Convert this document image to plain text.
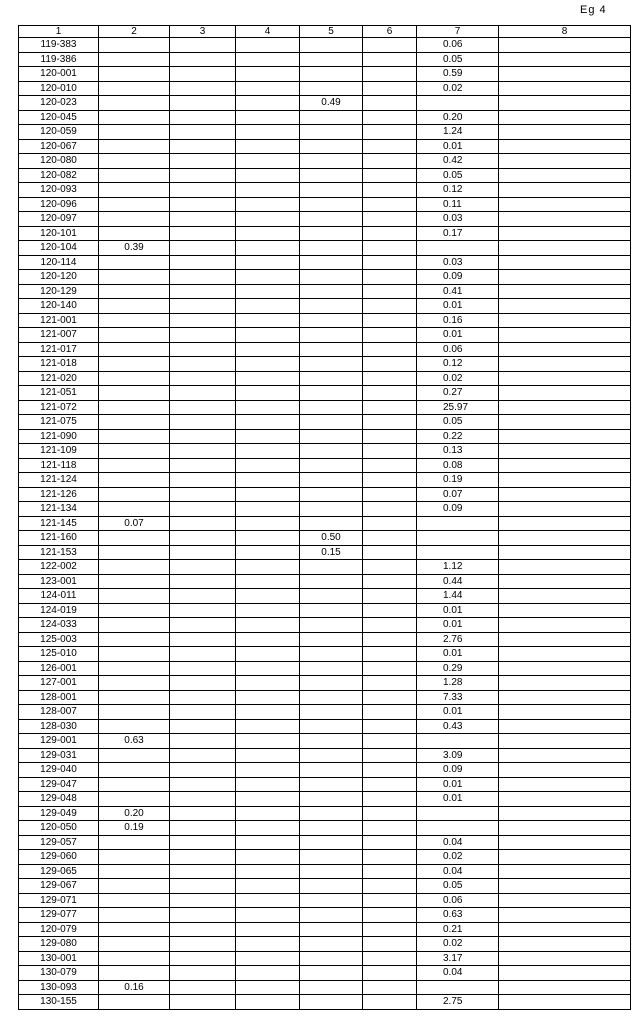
Eg 4
1	2	3	4	5	6	7	8
119-383						0.06	
119-386						0.05	
120-001						0.59	
120-010						0.02	
120-023				0.49			
120-045						0.20	
120-059						1.24	
120-067						0.01	
120-080						0.42	
120-082						0.05	
120-093						0.12	
120-096						0.11	
120-097						0.03	
120-101						0.17	
120-104	0.39						
120-114						0.03	
120-120						0.09	
120-129						0.41	
120-140						0.01	
121-001						0.16	
121-007						0.01	
121-017						0.06	
121-018						0.12	
121-020						0.02	
121-051						0.27	
121-072						25.97	
121-075						0.05	
121-090						0.22	
121-109						0.13	
121-118						0.08	
121-124						0.19	
121-126						0.07	
121-134						0.09	
121-145	0.07						
121-160				0.50			
121-153				0.15			
122-002						1.12	
123-001						0.44	
124-011						1.44	
124-019						0.01	
124-033						0.01	
125-003						2.76	
125-010						0.01	
126-001						0.29	
127-001						1.28	
128-001						7.33	
128-007						0.01	
128-030						0.43	
129-001	0.63						
129-031						3.09	
129-040						0.09	
129-047						0.01	
129-048						0.01	
129-049	0.20						
120-050	0.19						
129-057						0.04	
129-060						0.02	
129-065						0.04	
129-067						0.05	
129-071						0.06	
129-077						0.63	
120-079						0.21	
129-080						0.02	
130-001						3.17	
130-079						0.04	
130-093	0.16						
130-155						2.75	
